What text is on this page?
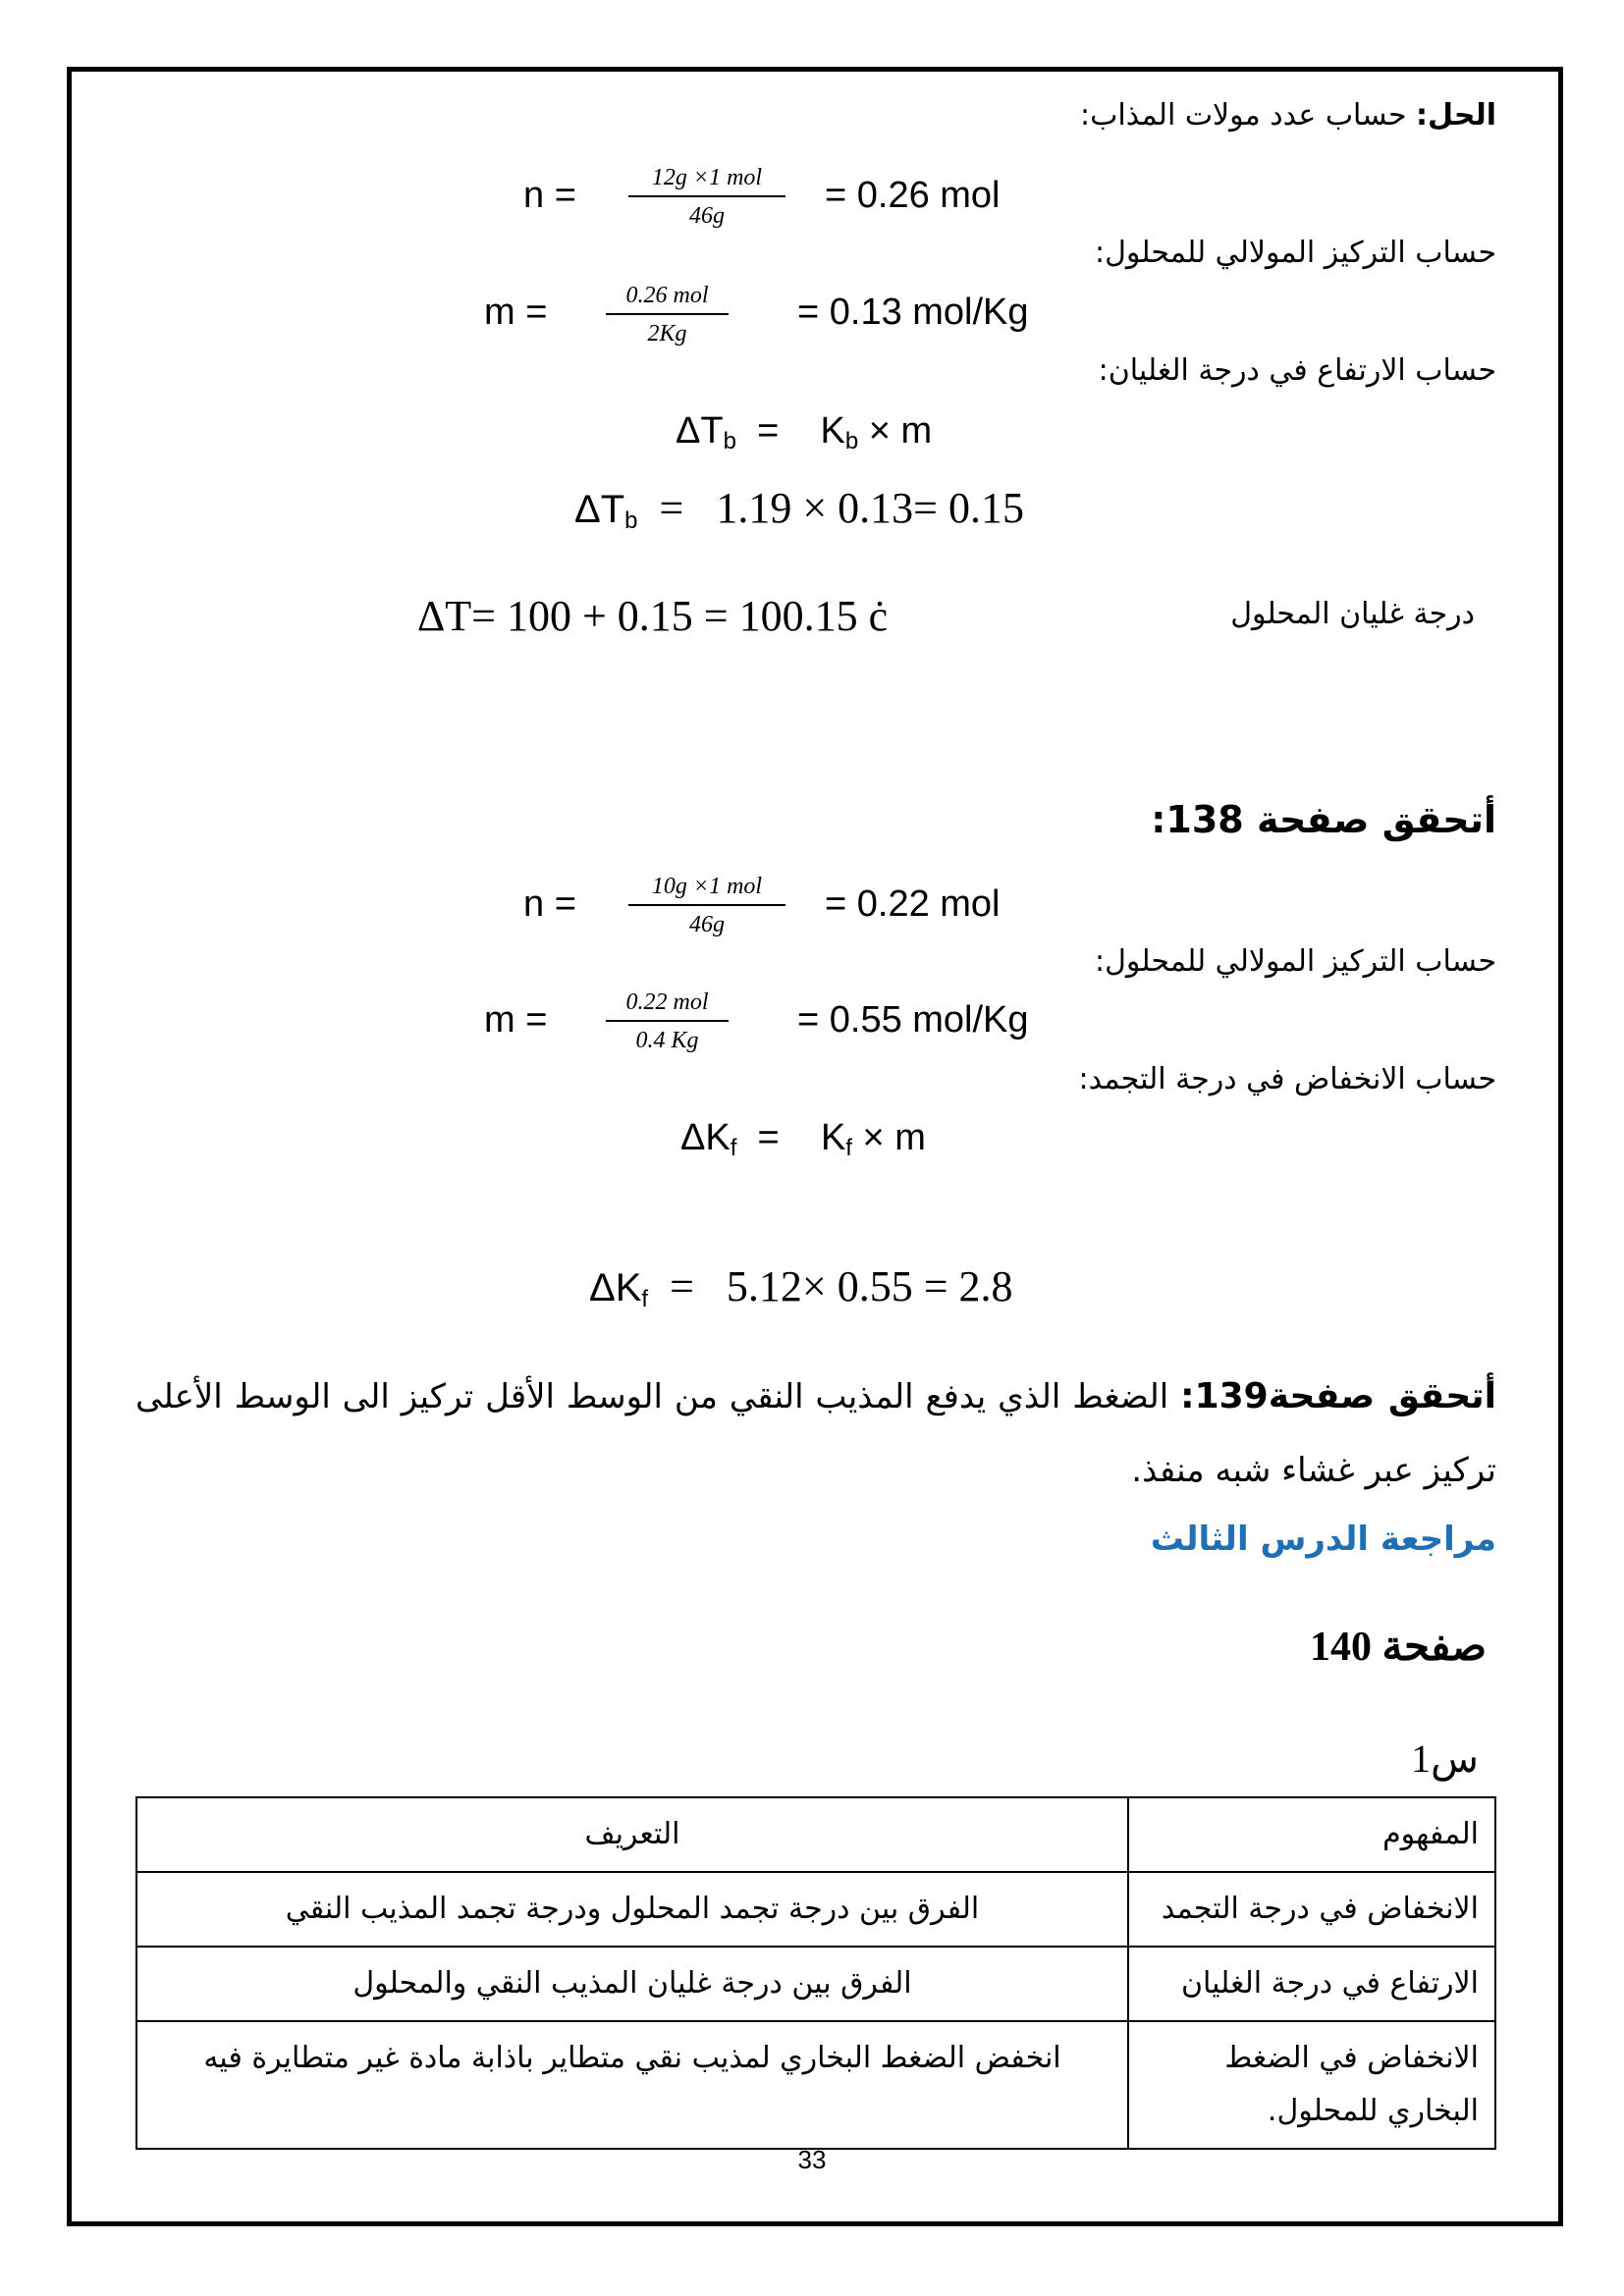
الحل: حساب عدد مولات المذاب:
n =	12g ×1 mol
46g	= 0.26 mol
حساب التركيز المولالي للمحلول:
m =	0.26 mol
2Kg
= 0.13 mol/Kg
حساب الارتفاع في درجة الغليان:
$\Delta T_b$  =    $K_b \times m$
$\Delta T_b = 1.19 \times 0.13= 0.15$
ΔT= 100 + 0.15 = 100.15 ċ	درجة غليان المحلول
أتحقق صفحة 138:
n =	10g ×1 mol
46g	= 0.22 mol
حساب التركيز المولالي للمحلول:
m =	0.22 mol
0.4 Kg	= 0.55 mol/Kg
حساب الانخفاض في درجة التجمد:
$\Delta K_f$  =    $K_f \times m$
$\Delta K_f = 5.12\times 0.55 = 2.8$
أتحقق صفحة139: الضغط الذي يدفع المذيب النقي من الوسط الأقل تركيز الى الوسط الأعلى تركيز عبر غشاء شبه منفذ.
مراجعة الدرس الثالث
صفحة 140
س1
المفهوم	التعريف
الانخفاض في درجة التجمد	الفرق بين درجة تجمد المحلول ودرجة تجمد المذيب النقي
الارتفاع في درجة الغليان	الفرق بين درجة غليان المذيب النقي والمحلول
الانخفاض في الضغط البخاري للمحلول.	انخفض الضغط البخاري لمذيب نقي متطاير باذابة مادة غير متطايرة فيه
33
